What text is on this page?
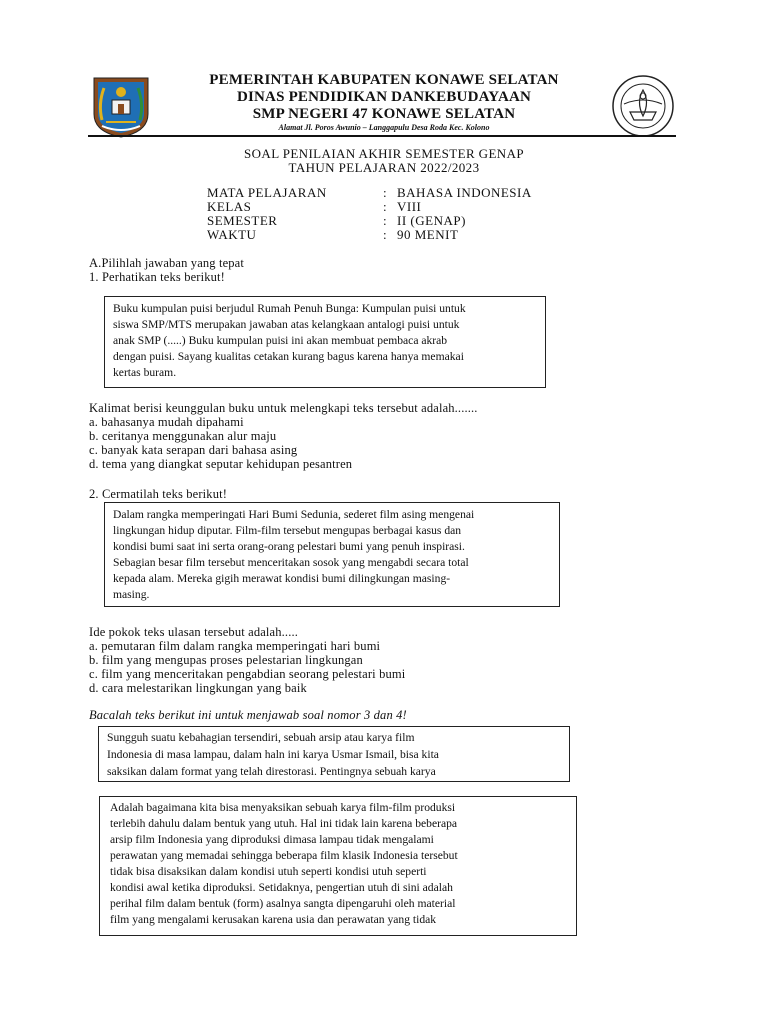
PEMERINTAH KABUPATEN KONAWE SELATAN
DINAS PENDIDIKAN DANKEBUDAYAAN
SMP NEGERI 47 KONAWE SELATAN
Alamat Jl. Poros Awunio – Langgapulu Desa Roda Kec. Kolono
SOAL PENILAIAN AKHIR SEMESTER GENAP
TAHUN PELAJARAN 2022/2023
MATA PELAJARAN	: BAHASA INDONESIA
KELAS	: VIII
SEMESTER	: II (GENAP)
WAKTU	: 90 MENIT
A.Pilihlah jawaban yang tepat
1. Perhatikan teks berikut!

Buku kumpulan puisi berjudul Rumah Penuh Bunga: Kumpulan puisi untuk

siswa SMP/MTS merupakan jawaban atas kelangkaan antalogi puisi untuk

anak SMP (.....) Buku kumpulan puisi ini akan membuat pembaca akrab

dengan puisi. Sayang kualitas cetakan kurang bagus karena hanya memakai

kertas buram.

Kalimat berisi keunggulan buku untuk melengkapi teks tersebut adalah.......
a. bahasanya mudah dipahami
b. ceritanya menggunakan alur maju
c. banyak kata serapan dari bahasa asing
d. tema yang diangkat seputar kehidupan pesantren
2. Cermatilah teks berikut!

Dalam rangka memperingati Hari Bumi Sedunia, sederet film asing mengenai

lingkungan hidup diputar. Film-film tersebut mengupas berbagai kasus dan

kondisi bumi saat ini serta orang-orang pelestari bumi yang penuh inspirasi.

Sebagian besar film tersebut menceritakan sosok yang mengabdi secara total

kepada alam. Mereka gigih merawat kondisi bumi dilingkungan masing-

masing.

Ide pokok teks ulasan tersebut adalah.....
a. pemutaran film dalam rangka memperingati hari bumi
b. film yang mengupas proses pelestarian lingkungan
c. film yang menceritakan pengabdian seorang pelestari bumi
d. cara melestarikan lingkungan yang baik
Bacalah teks berikut ini untuk menjawab soal nomor 3 dan 4!

Sungguh suatu kebahagian tersendiri, sebuah arsip atau karya film

Indonesia di masa lampau, dalam haln ini karya Usmar Ismail, bisa kita

saksikan dalam format yang telah direstorasi. Pentingnya sebuah karya

Adalah bagaimana kita bisa menyaksikan sebuah karya film-film produksi

terlebih dahulu dalam bentuk yang utuh. Hal ini tidak lain karena beberapa

arsip film Indonesia yang diproduksi dimasa lampau tidak mengalami

perawatan yang memadai sehingga beberapa film klasik Indonesia tersebut

tidak bisa disaksikan dalam kondisi utuh seperti kondisi utuh seperti

kondisi awal ketika diproduksi. Setidaknya, pengertian utuh di sini adalah

perihal film dalam bentuk (form) asalnya sangta dipengaruhi oleh material

film yang mengalami kerusakan karena usia dan perawatan yang tidak
